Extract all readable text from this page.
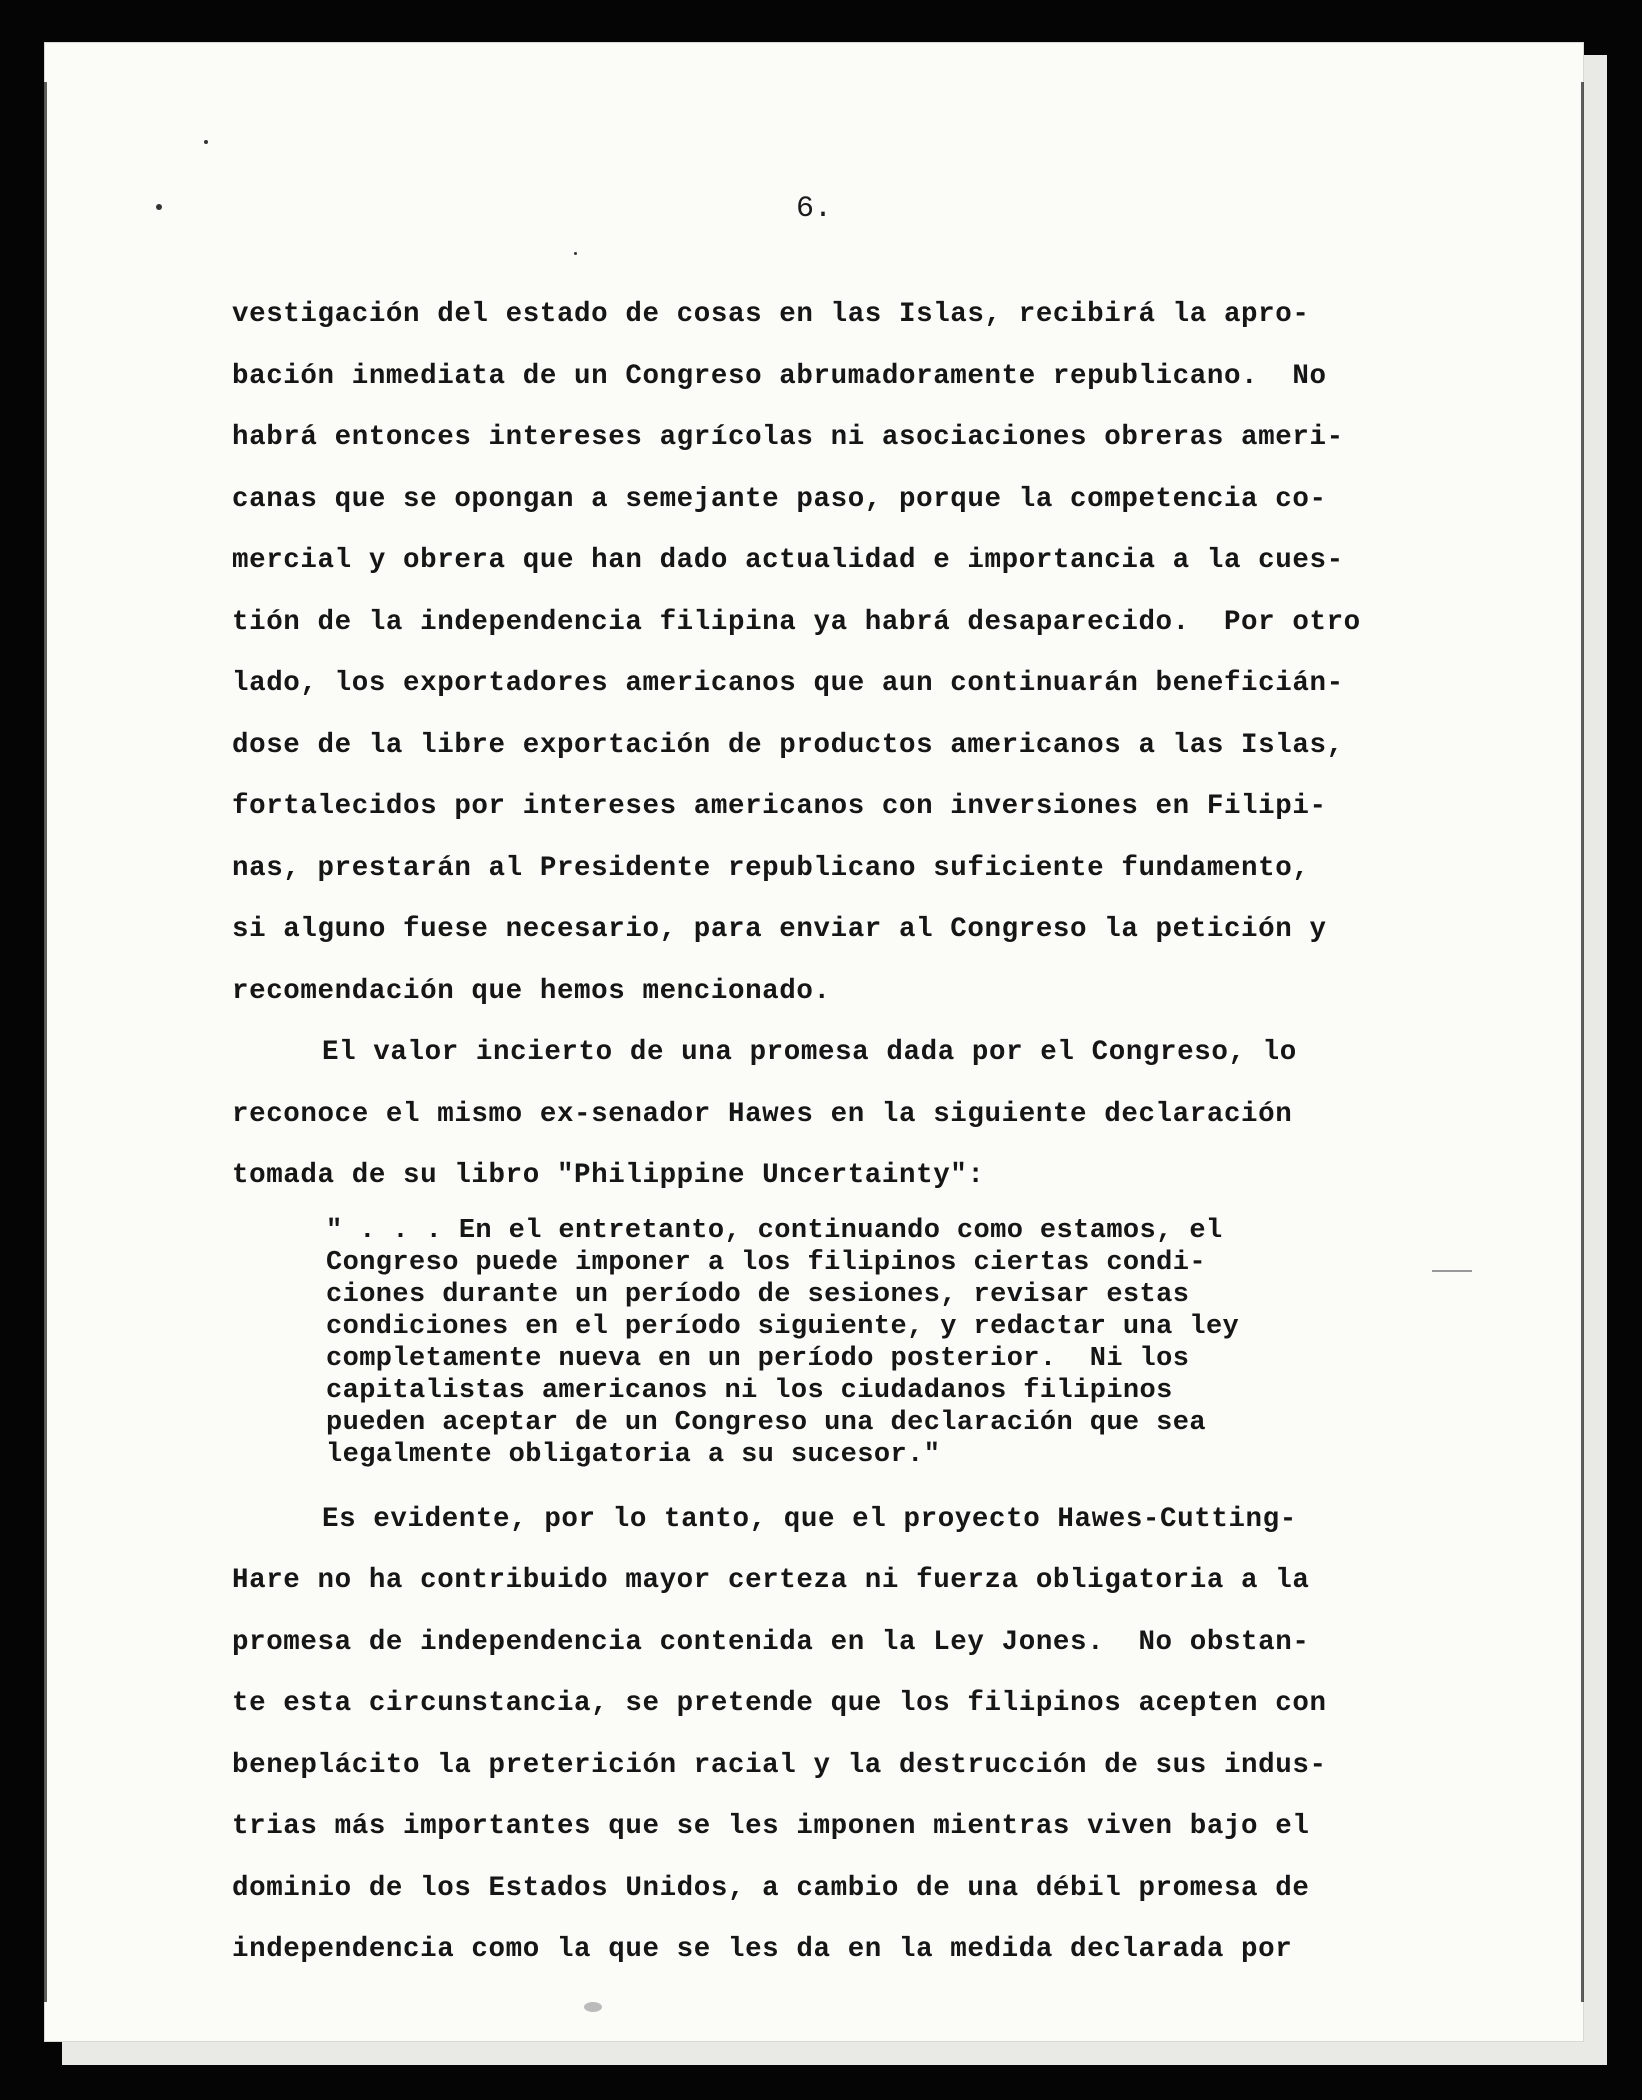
6.
vestigación del estado de cosas en las Islas, recibirá la apro-
bación inmediata de un Congreso abrumadoramente republicano.  No
habrá entonces intereses agrícolas ni asociaciones obreras ameri-
canas que se opongan a semejante paso, porque la competencia co-
mercial y obrera que han dado actualidad e importancia a la cues-
tión de la independencia filipina ya habrá desaparecido.  Por otro
lado, los exportadores americanos que aun continuarán beneficián-
dose de la libre exportación de productos americanos a las Islas,
fortalecidos por intereses americanos con inversiones en Filipi-
nas, prestarán al Presidente republicano suficiente fundamento,
si alguno fuese necesario, para enviar al Congreso la petición y
recomendación que hemos mencionado.
El valor incierto de una promesa dada por el Congreso, lo
reconoce el mismo ex-senador Hawes en la siguiente declaración
tomada de su libro "Philippine Uncertainty":
" . . . En el entretanto, continuando como estamos, el
Congreso puede imponer a los filipinos ciertas condi-
ciones durante un período de sesiones, revisar estas
condiciones en el período siguiente, y redactar una ley
completamente nueva en un período posterior.  Ni los
capitalistas americanos ni los ciudadanos filipinos
pueden aceptar de un Congreso una declaración que sea
legalmente obligatoria a su sucesor."
Es evidente, por lo tanto, que el proyecto Hawes-Cutting-
Hare no ha contribuido mayor certeza ni fuerza obligatoria a la
promesa de independencia contenida en la Ley Jones.  No obstan-
te esta circunstancia, se pretende que los filipinos acepten con
beneplácito la preterición racial y la destrucción de sus indus-
trias más importantes que se les imponen mientras viven bajo el
dominio de los Estados Unidos, a cambio de una débil promesa de
independencia como la que se les da en la medida declarada por
